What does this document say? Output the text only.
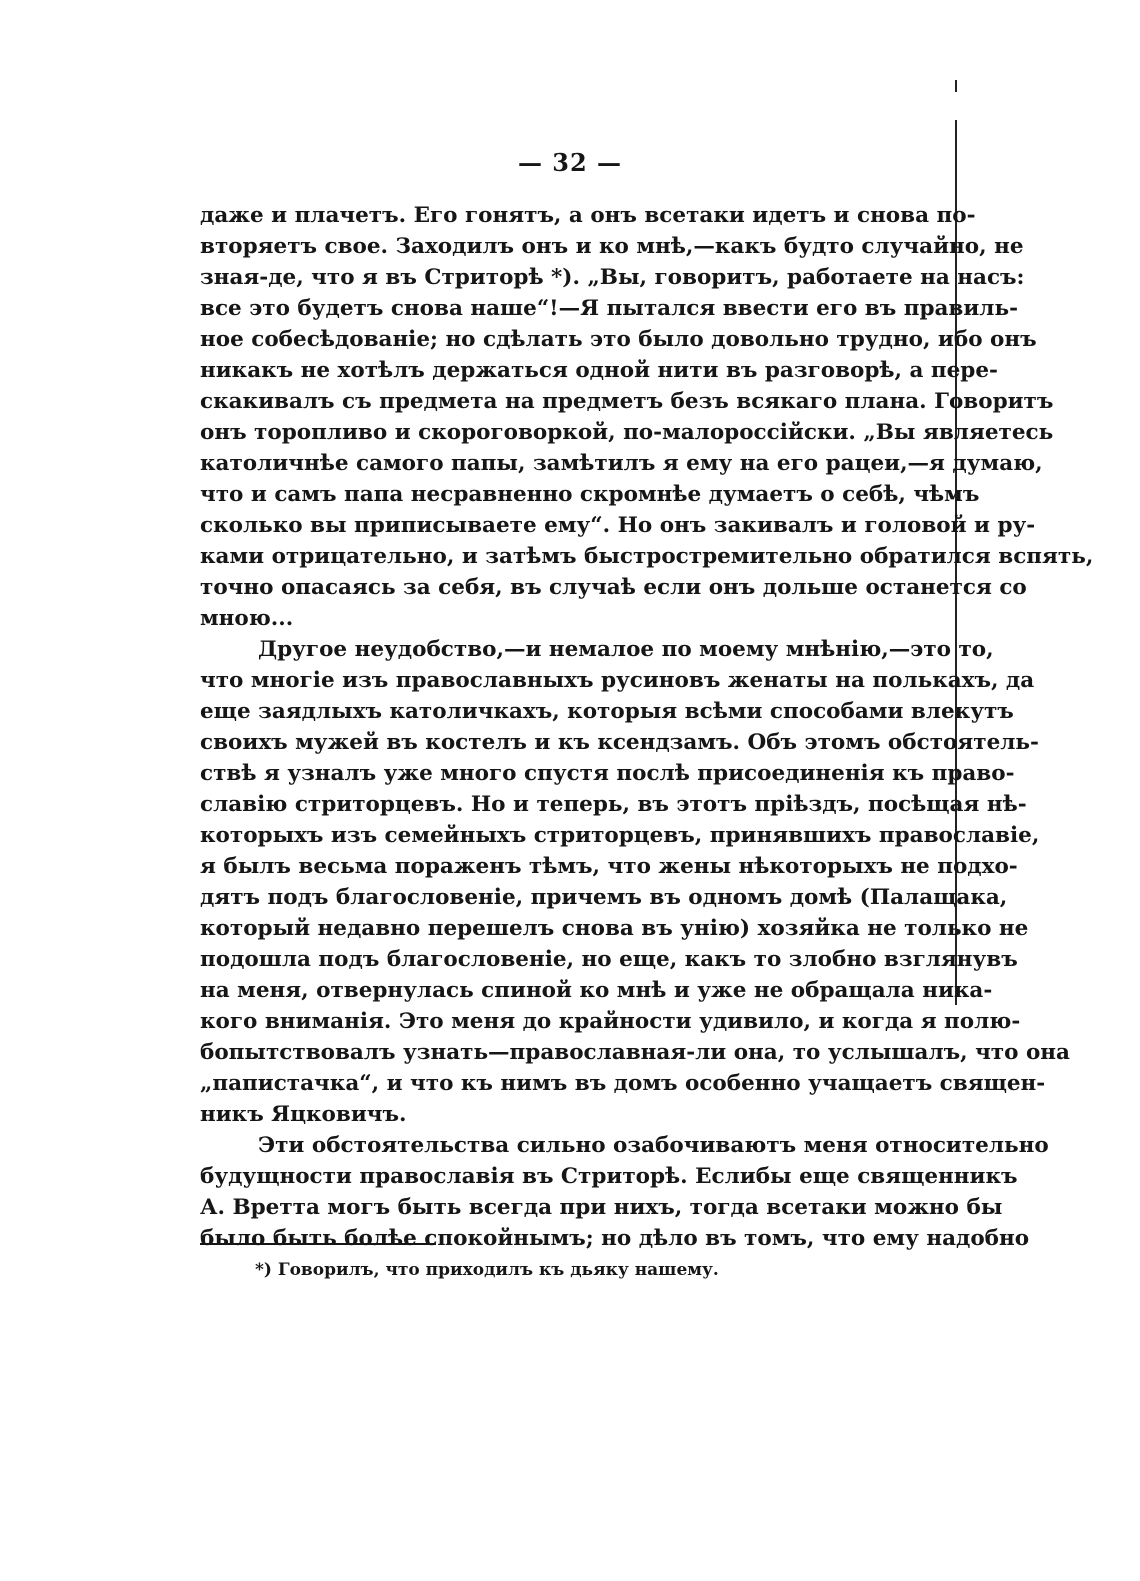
— 32 —
даже и плачетъ. Его гонятъ, а онъ всетаки идетъ и снова по-
вторяетъ свое. Заходилъ онъ и ко мнѣ,—какъ будто случайно, не
зная-де, что я въ Стриторѣ *). „Вы, говоритъ, работаете на насъ:
все это будетъ снова наше“!—Я пытался ввести его въ правиль-
ное собесѣдованіе; но сдѣлать это было довольно трудно, ибо онъ
никакъ не хотѣлъ держаться одной нити въ разговорѣ, а пере-
скакивалъ съ предмета на предметъ безъ всякаго плана. Говоритъ
онъ торопливо и скороговоркой, по-малороссійски. „Вы являетесь
католичнѣе самого папы, замѣтилъ я ему на его рацеи,—я думаю,
что и самъ папа несравненно скромнѣе думаетъ о себѣ, чѣмъ
сколько вы приписываете ему“. Но онъ закивалъ и головой и ру-
ками отрицательно, и затѣмъ быстростремительно обратился вспять,
точно опасаясь за себя, въ случаѣ если онъ дольше останется со
мною...
Другое неудобство,—и немалое по моему мнѣнію,—это то,
что многіе изъ православныхъ русиновъ женаты на полькахъ, да
еще заядлыхъ католичкахъ, которыя всѣми способами влекутъ
своихъ мужей въ костелъ и къ ксендзамъ. Объ этомъ обстоятель-
ствѣ я узналъ уже много спустя послѣ присоединенія къ право-
славію стриторцевъ. Но и теперь, въ этотъ пріѣздъ, посѣщая нѣ-
которыхъ изъ семейныхъ стриторцевъ, принявшихъ православіе,
я былъ весьма пораженъ тѣмъ, что жены нѣкоторыхъ не подхо-
дятъ подъ благословеніе, причемъ въ одномъ домѣ (Палащака,
который недавно перешелъ снова въ унію) хозяйка не только не
подошла подъ благословеніе, но еще, какъ то злобно взглянувъ
на меня, отвернулась спиной ко мнѣ и уже не обращала ника-
кого вниманія. Это меня до крайности удивило, и когда я полю-
бопытствовалъ узнать—православная-ли она, то услышалъ, что она
„папистачка“, и что къ нимъ въ домъ особенно учащаетъ священ-
никъ Яцковичъ.
Эти обстоятельства сильно озабочиваютъ меня относительно
будущности православія въ Стриторѣ. Еслибы еще священникъ
А. Вретта могъ быть всегда при нихъ, тогда всетаки можно бы
было быть болѣе спокойнымъ; но дѣло въ томъ, что ему надобно
*) Говорилъ, что приходилъ къ дьяку нашему.
